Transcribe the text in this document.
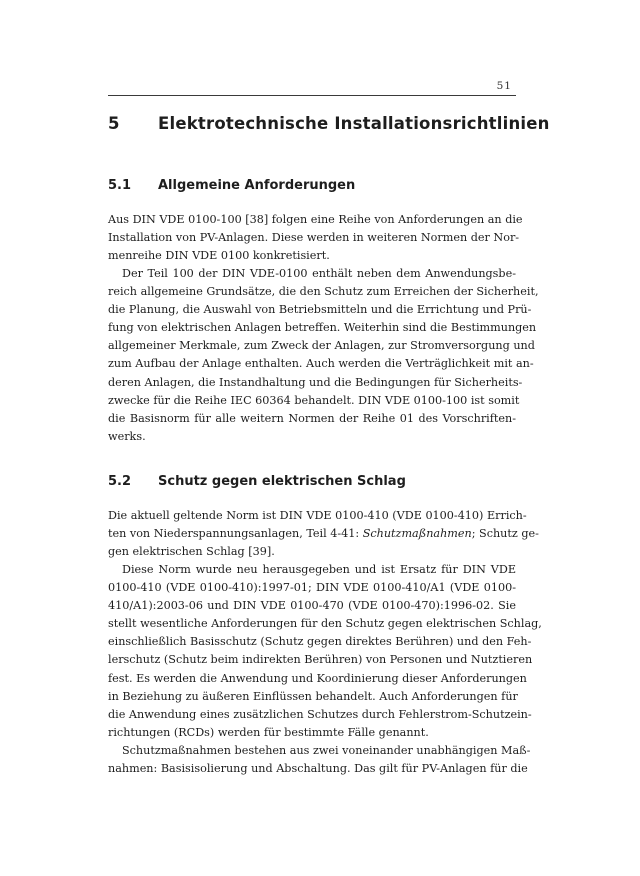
51
5 Elektrotechnische Installationsrichtlinien
5.1 Allgemeine Anforderungen
Aus DIN VDE 0100-100 [38] folgen eine Reihe von Anforderungen an die
Installation von PV-Anlagen. Diese werden in weiteren Normen der Nor-
menreihe DIN VDE 0100 konkretisiert.
Der Teil 100 der DIN VDE-0100 enthält neben dem Anwendungsbe-
reich allgemeine Grundsätze, die den Schutz zum Erreichen der Sicherheit,
die Planung, die Auswahl von Betriebsmitteln und die Errichtung und Prü-
fung von elektrischen Anlagen betreffen. Weiterhin sind die Bestimmungen
allgemeiner Merkmale, zum Zweck der Anlagen, zur Stromversorgung und
zum Aufbau der Anlage enthalten. Auch werden die Verträglichkeit mit an-
deren Anlagen, die Instandhaltung und die Bedingungen für Sicherheits-
zwecke für die Reihe IEC 60364 behandelt. DIN VDE 0100-100 ist somit
die Basisnorm für alle weitern Normen der Reihe 01 des Vorschriften-
werks.
5.2 Schutz gegen elektrischen Schlag
Die aktuell geltende Norm ist DIN VDE 0100-410 (VDE 0100-410) Errich-
ten von Niederspannungsanlagen, Teil 4-41: Schutzmaßnahmen; Schutz ge-
gen elektrischen Schlag [39].
Diese Norm wurde neu herausgegeben und ist Ersatz für DIN VDE
0100-410 (VDE 0100-410):1997-01; DIN VDE 0100-410/A1 (VDE 0100-
410/A1):2003-06 und DIN VDE 0100-470 (VDE 0100-470):1996-02. Sie
stellt wesentliche Anforderungen für den Schutz gegen elektrischen Schlag,
einschließlich Basisschutz (Schutz gegen direktes Berühren) und den Feh-
lerschutz (Schutz beim indirekten Berühren) von Personen und Nutztieren
fest. Es werden die Anwendung und Koordinierung dieser Anforderungen
in Beziehung zu äußeren Einflüssen behandelt. Auch Anforderungen für
die Anwendung eines zusätzlichen Schutzes durch Fehlerstrom-Schutzein-
richtungen (RCDs) werden für bestimmte Fälle genannt.
Schutzmaßnahmen bestehen aus zwei voneinander unabhängigen Maß-
nahmen: Basisisolierung und Abschaltung. Das gilt für PV-Anlagen für die
